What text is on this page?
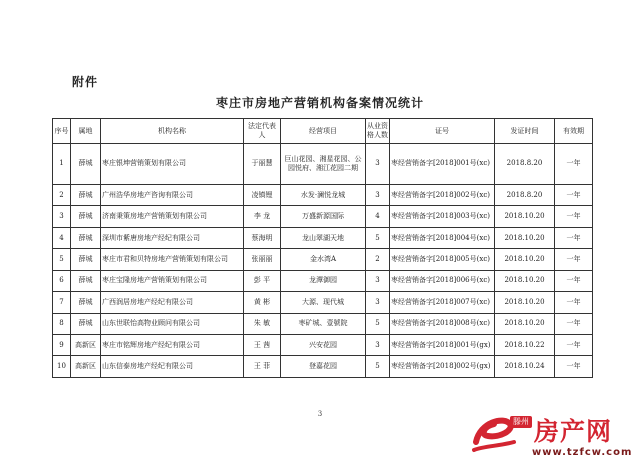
附件
枣庄市房地产营销机构备案情况统计
序号	属地	机构名称	法定代表人	经营项目	从业资格人数	证号	发证时间	有效期
1	薛城	枣庄银坤营销策划有限公司	于丽慧	巨山花园、湘星花园、公园悦府、湘江花园二期	3	枣经营销备字[2018]001号(xc)	2018.8.20	一年
2	薛城	广州浩华房地产咨询有限公司	凌镇锂	水发·澜悦龙城	3	枣经营销备字[2018]002号(xc)	2018.8.20	一年
3	薛城	济南秉策房地产营销策划有限公司	李 龙	万盛新源国际	4	枣经营销备字[2018]003号(xc)	2018.10.20	一年
4	薛城	深圳市紫唐房地产经纪有限公司	蔡海明	龙山翠湖天地	5	枣经营销备字[2018]004号(xc)	2018.10.20	一年
5	薛城	枣庄市君和贝特房地产营销策划有限公司	张丽丽	金水湾A	2	枣经营销备字[2018]005号(xc)	2018.10.20	一年
6	薛城	枣庄宝隆房地产营销策划有限公司	彭 平	龙潭御园	3	枣经营销备字[2018]006号(xc)	2018.10.20	一年
7	薛城	广西润居房地产经纪有限公司	黄 彬	大源、现代城	3	枣经营销备字[2018]007号(xc)	2018.10.20	一年
8	薛城	山东世联怡高物业顾问有限公司	朱 敏	枣矿城、壹號院	5	枣经营销备字[2018]008号(xc)	2018.10.20	一年
9	高新区	枣庄市铭辉房地产经纪有限公司	王 茜	兴安花园	3	枣经营销备字[2018]001号(gx)	2018.10.22	一年
10	高新区	山东信泰房地产经纪有限公司	王 菲	登嘉花园	5	枣经营销备字[2018]002号(gx)	2018.10.24	一年
3
滕州 房产网
www.tzfcw.com
